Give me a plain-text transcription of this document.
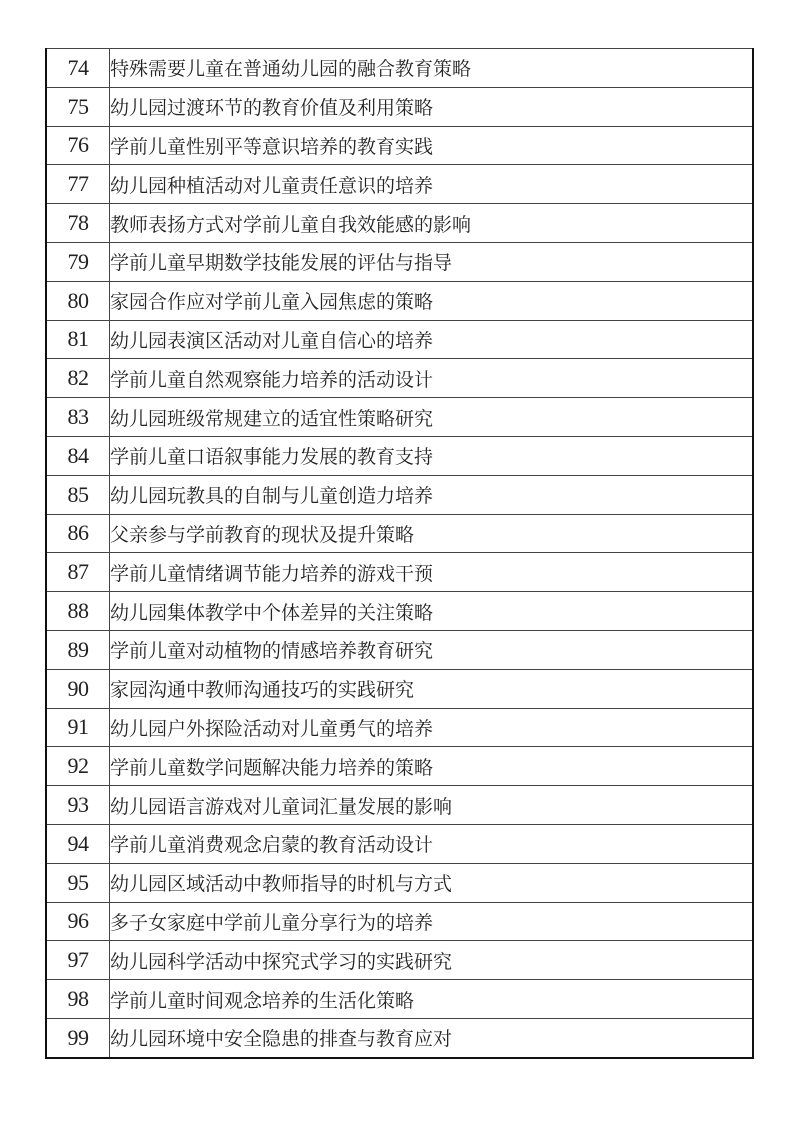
74	特殊需要儿童在普通幼儿园的融合教育策略
75	幼儿园过渡环节的教育价值及利用策略
76	学前儿童性别平等意识培养的教育实践
77	幼儿园种植活动对儿童责任意识的培养
78	教师表扬方式对学前儿童自我效能感的影响
79	学前儿童早期数学技能发展的评估与指导
80	家园合作应对学前儿童入园焦虑的策略
81	幼儿园表演区活动对儿童自信心的培养
82	学前儿童自然观察能力培养的活动设计
83	幼儿园班级常规建立的适宜性策略研究
84	学前儿童口语叙事能力发展的教育支持
85	幼儿园玩教具的自制与儿童创造力培养
86	父亲参与学前教育的现状及提升策略
87	学前儿童情绪调节能力培养的游戏干预
88	幼儿园集体教学中个体差异的关注策略
89	学前儿童对动植物的情感培养教育研究
90	家园沟通中教师沟通技巧的实践研究
91	幼儿园户外探险活动对儿童勇气的培养
92	学前儿童数学问题解决能力培养的策略
93	幼儿园语言游戏对儿童词汇量发展的影响
94	学前儿童消费观念启蒙的教育活动设计
95	幼儿园区域活动中教师指导的时机与方式
96	多子女家庭中学前儿童分享行为的培养
97	幼儿园科学活动中探究式学习的实践研究
98	学前儿童时间观念培养的生活化策略
99	幼儿园环境中安全隐患的排查与教育应对
